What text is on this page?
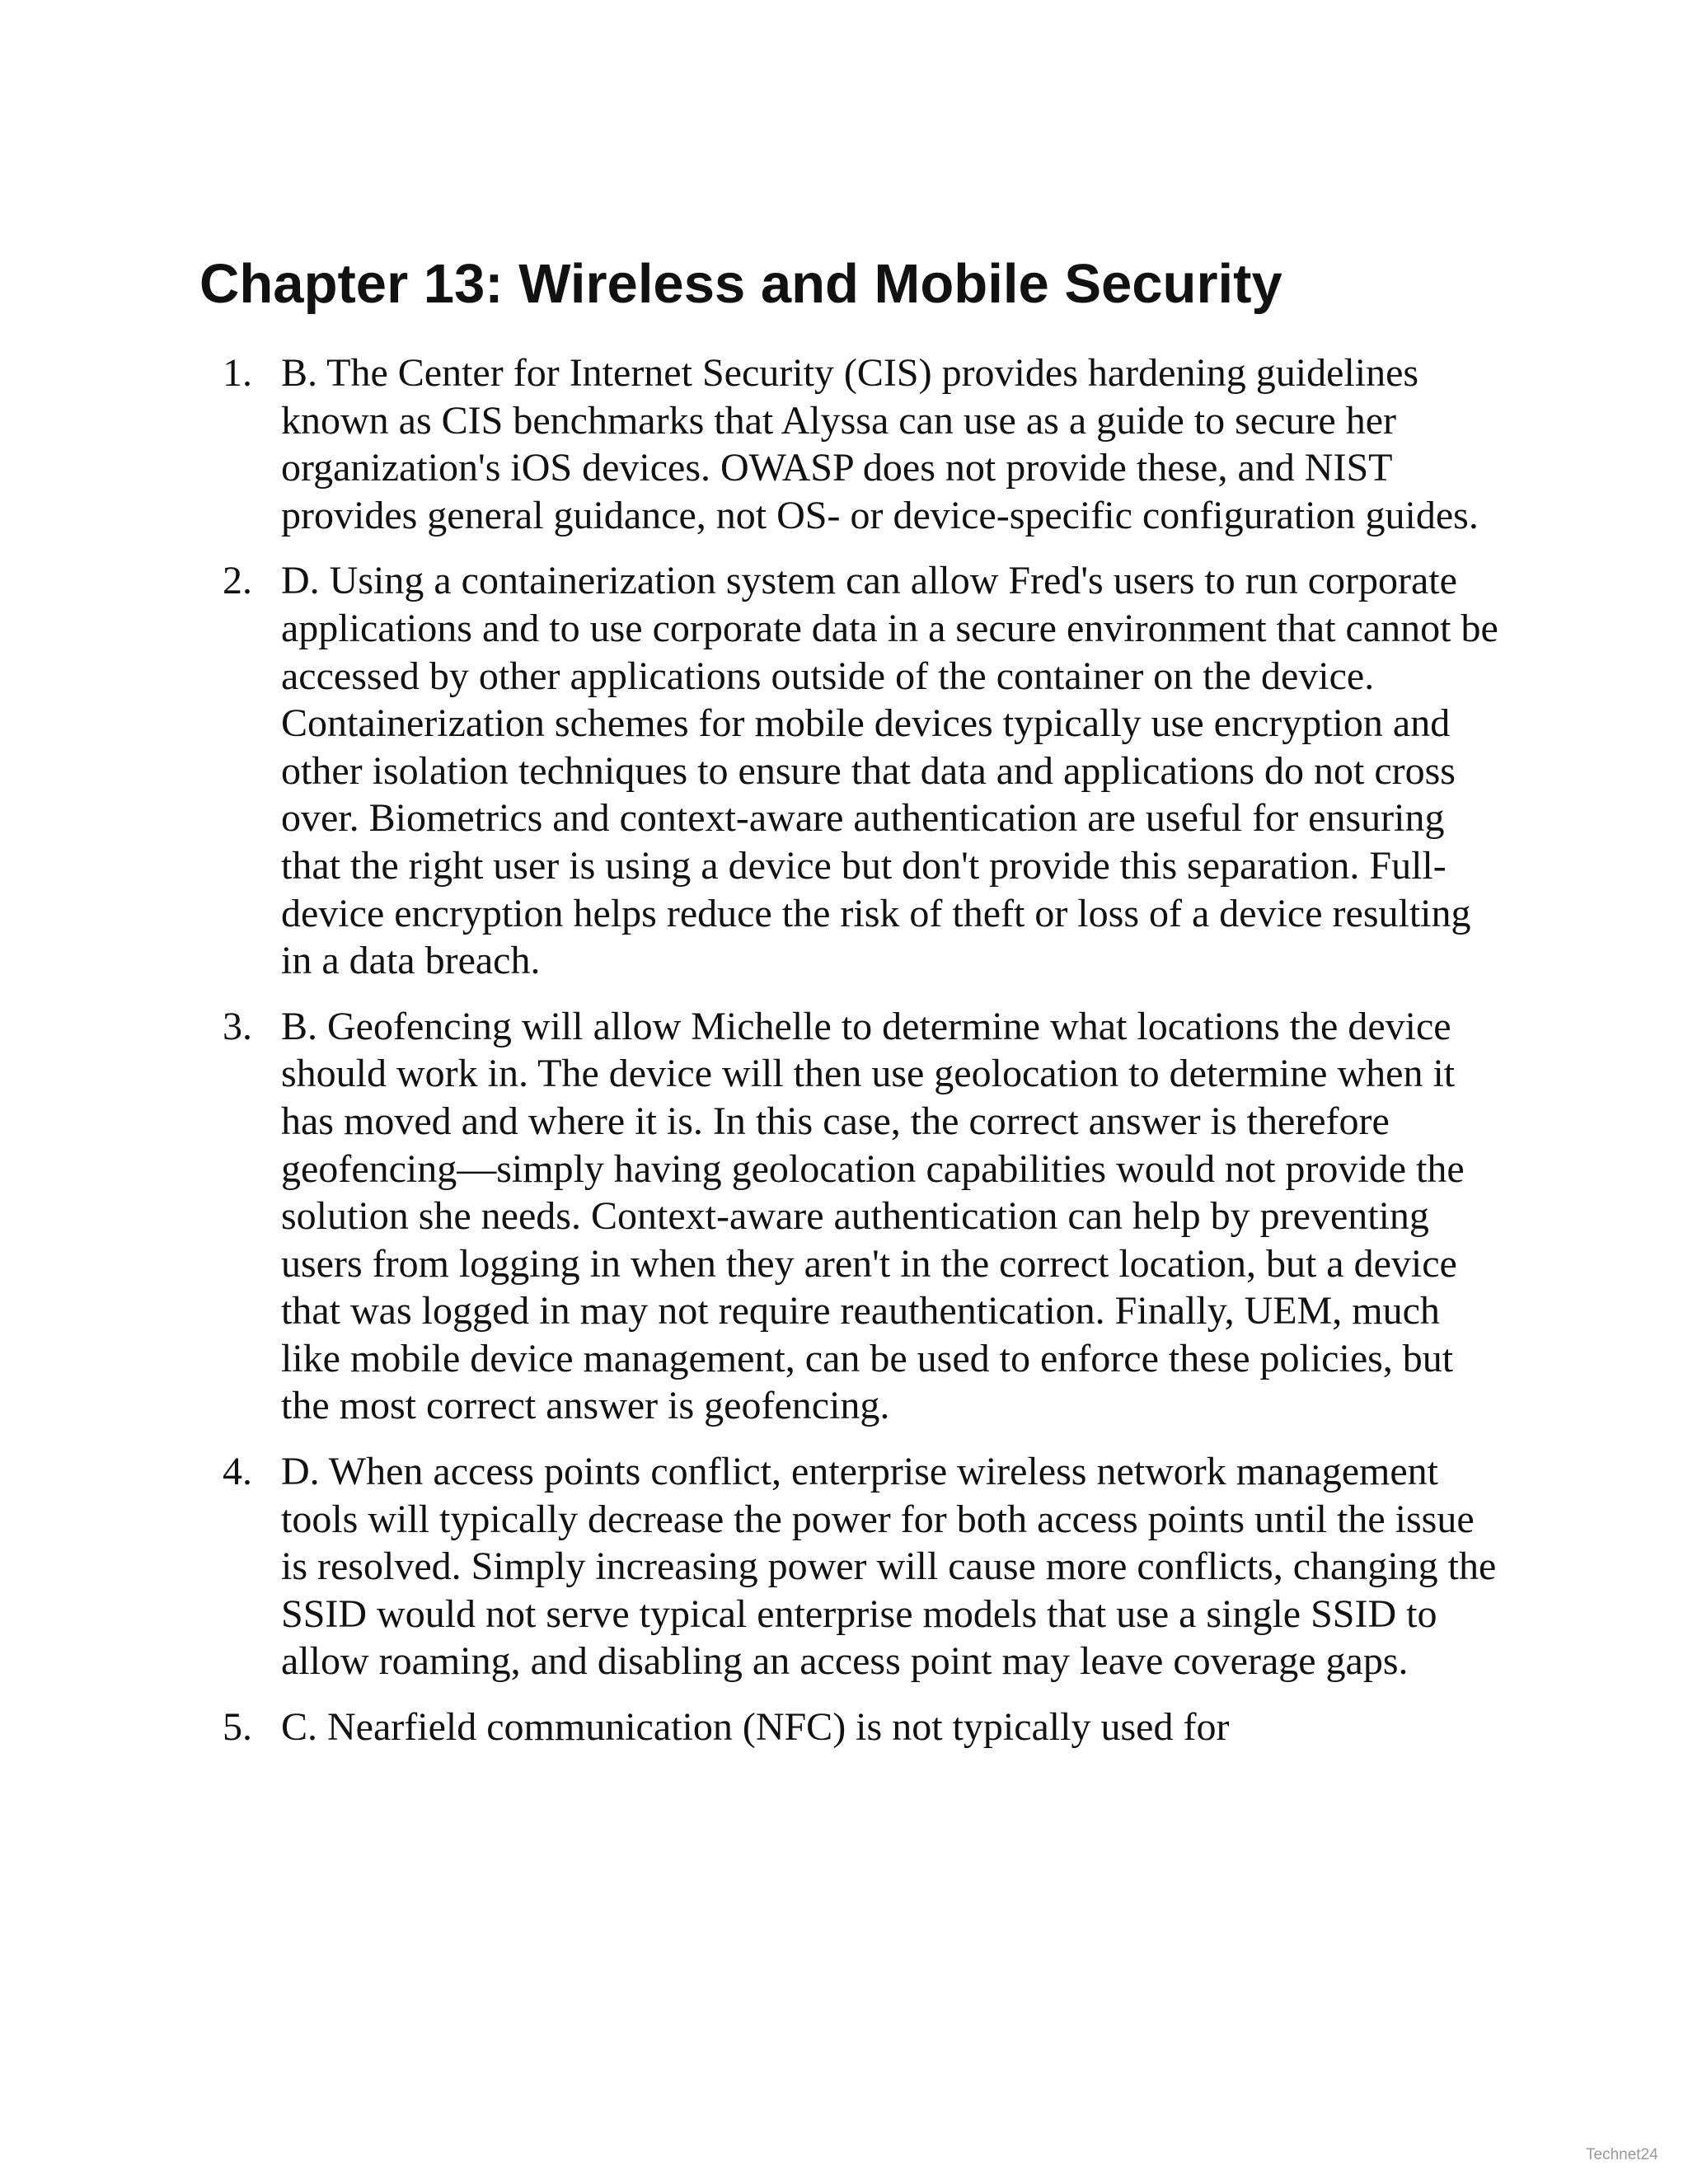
Chapter 13: Wireless and Mobile Security
1. B. The Center for Internet Security (CIS) provides hardening guidelines known as CIS benchmarks that Alyssa can use as a guide to secure her organization's iOS devices. OWASP does not provide these, and NIST provides general guidance, not OS- or device-specific configuration guides.
2. D. Using a containerization system can allow Fred's users to run corporate applications and to use corporate data in a secure environment that cannot be accessed by other applications outside of the container on the device. Containerization schemes for mobile devices typically use encryption and other isolation techniques to ensure that data and applications do not cross over. Biometrics and context-aware authentication are useful for ensuring that the right user is using a device but don't provide this separation. Full-device encryption helps reduce the risk of theft or loss of a device resulting in a data breach.
3. B. Geofencing will allow Michelle to determine what locations the device should work in. The device will then use geolocation to determine when it has moved and where it is. In this case, the correct answer is therefore geofencing—simply having geolocation capabilities would not provide the solution she needs. Context-aware authentication can help by preventing users from logging in when they aren't in the correct location, but a device that was logged in may not require reauthentication. Finally, UEM, much like mobile device management, can be used to enforce these policies, but the most correct answer is geofencing.
4. D. When access points conflict, enterprise wireless network management tools will typically decrease the power for both access points until the issue is resolved. Simply increasing power will cause more conflicts, changing the SSID would not serve typical enterprise models that use a single SSID to allow roaming, and disabling an access point may leave coverage gaps.
5. C. Nearfield communication (NFC) is not typically used for
Technet24
